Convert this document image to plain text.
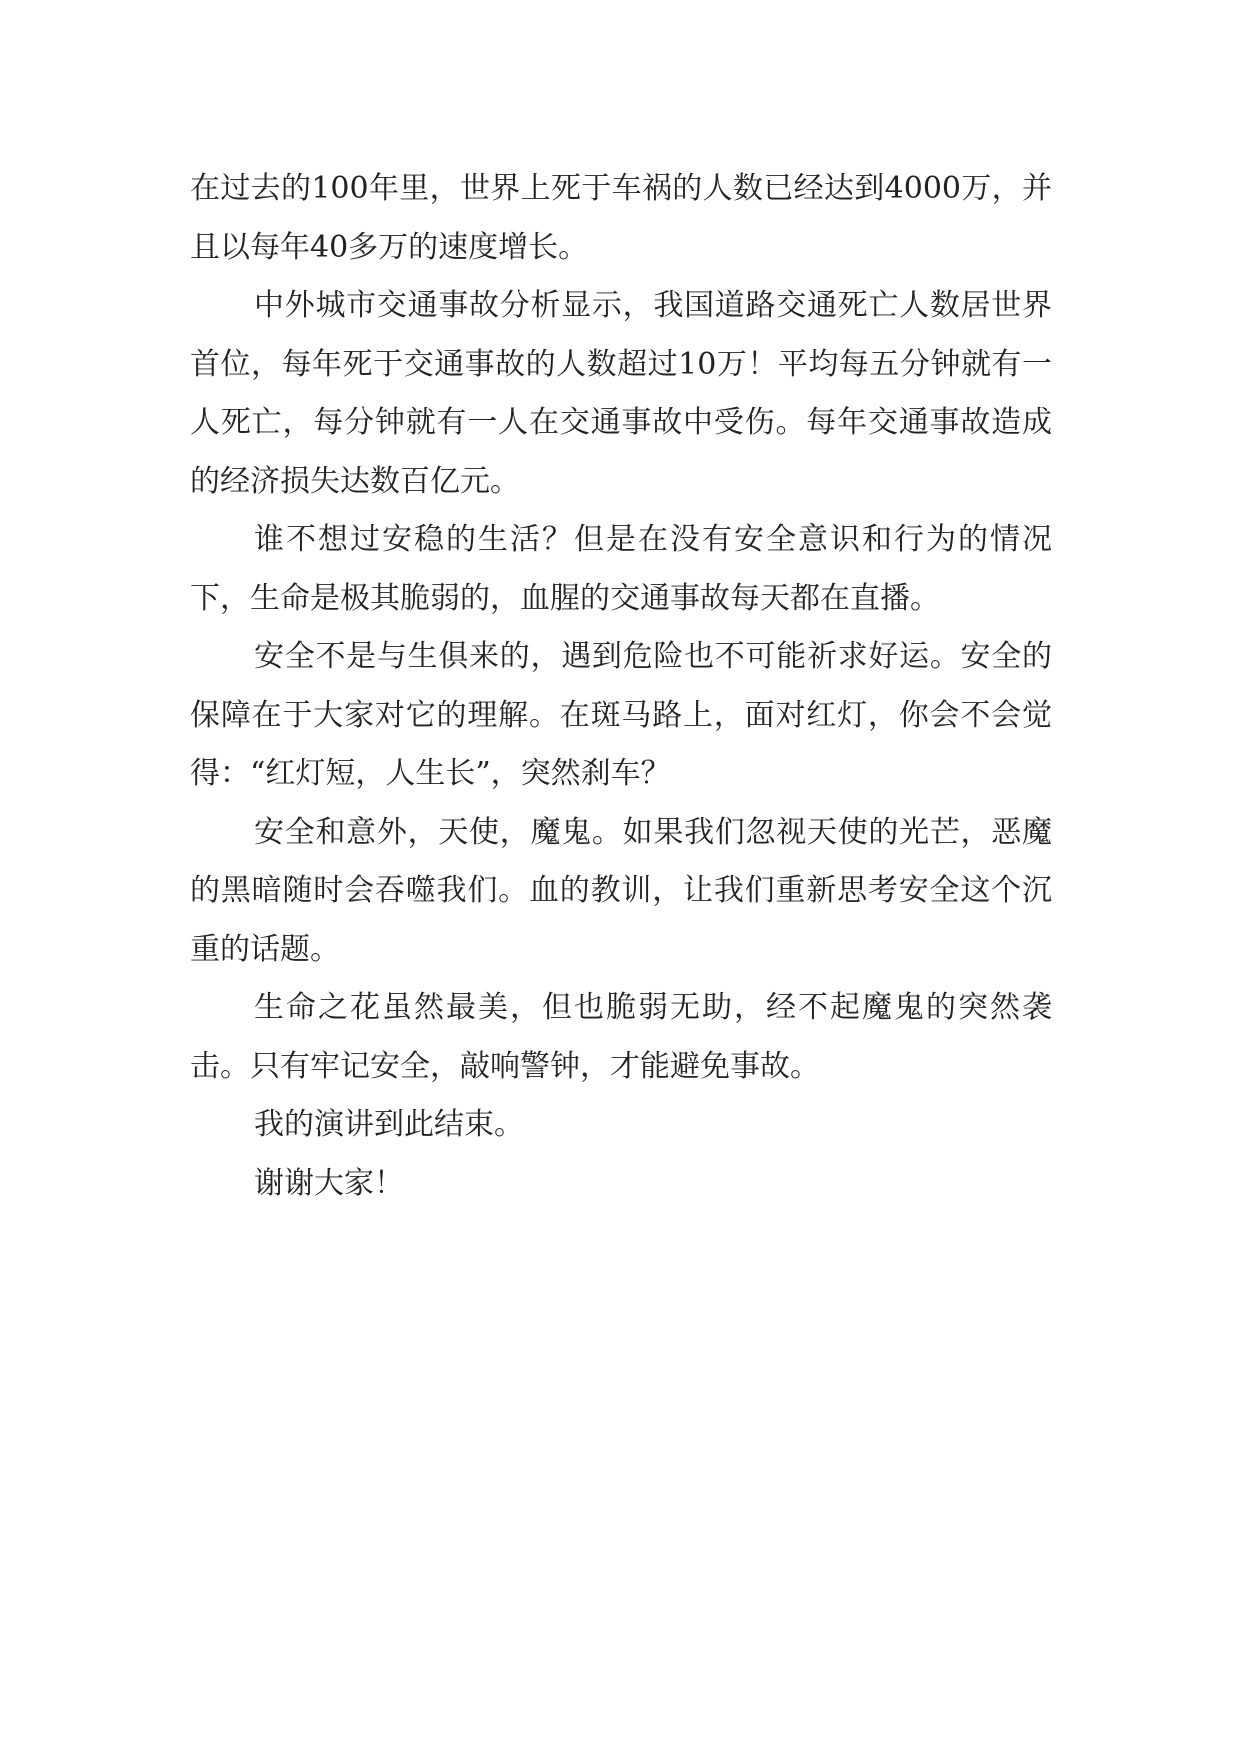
在过去的100年里，世界上死于车祸的人数已经达到4000万，并且以每年40多万的速度增长。

中外城市交通事故分析显示，我国道路交通死亡人数居世界首位，每年死于交通事故的人数超过10万！平均每五分钟就有一人死亡，每分钟就有一人在交通事故中受伤。每年交通事故造成的经济损失达数百亿元。

谁不想过安稳的生活？但是在没有安全意识和行为的情况下，生命是极其脆弱的，血腥的交通事故每天都在直播。

安全不是与生俱来的，遇到危险也不可能祈求好运。安全的保障在于大家对它的理解。在斑马路上，面对红灯，你会不会觉得：“红灯短，人生长”，突然刹车？

安全和意外，天使，魔鬼。如果我们忽视天使的光芒，恶魔的黑暗随时会吞噬我们。血的教训，让我们重新思考安全这个沉重的话题。

生命之花虽然最美，但也脆弱无助，经不起魔鬼的突然袭击。只有牢记安全，敲响警钟，才能避免事故。

我的演讲到此结束。

谢谢大家！
